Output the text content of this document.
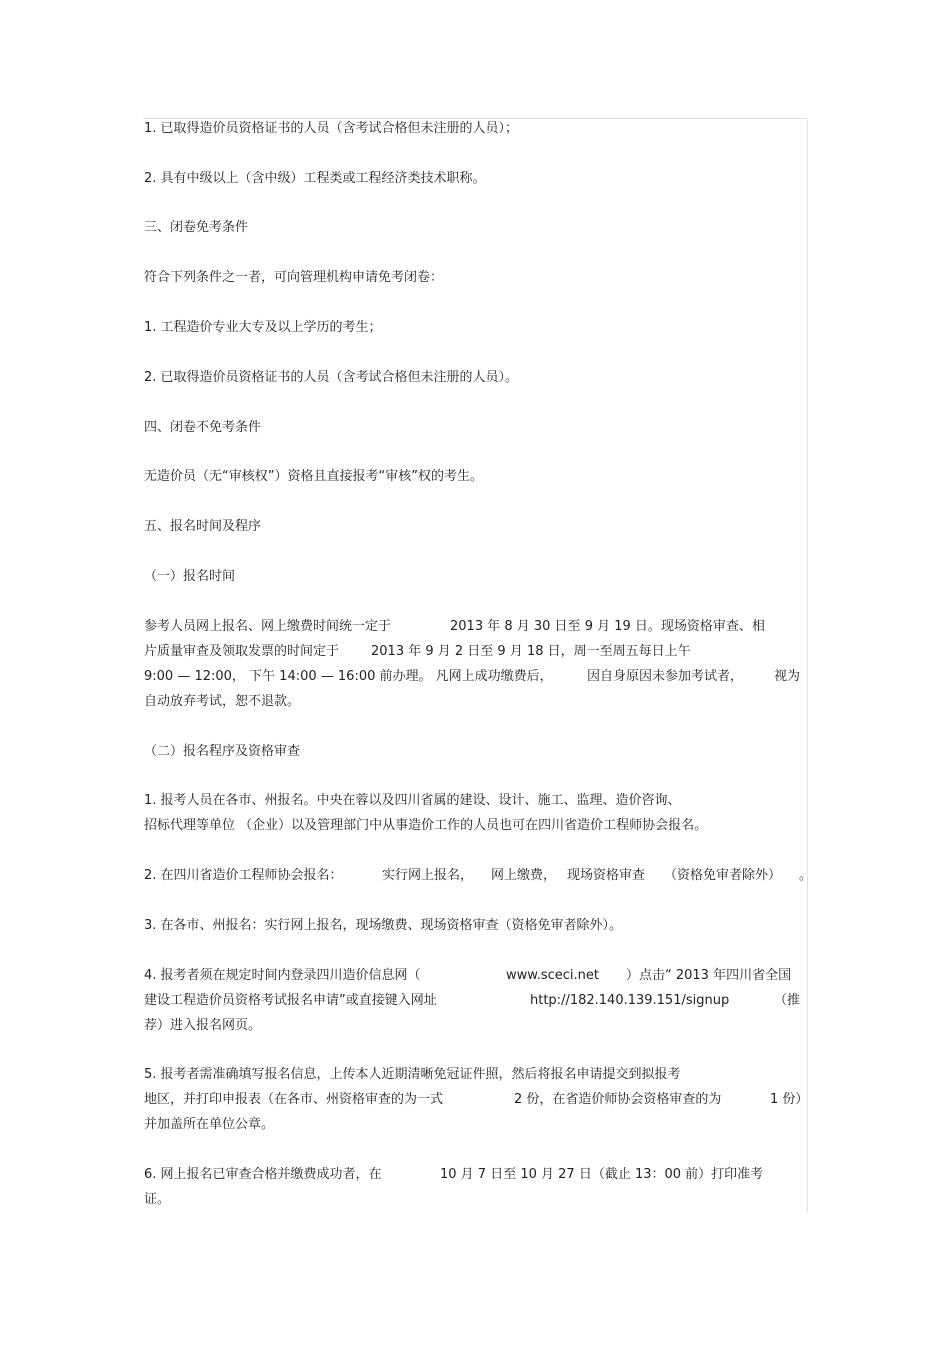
1. 已取得造价员资格证书的人员（含考试合格但未注册的人员）；
2. 具有中级以上（含中级）工程类或工程经济类技术职称。
三、闭卷免考条件
符合下列条件之一者，可向管理机构申请免考闭卷：
1. 工程造价专业大专及以上学历的考生；
2. 已取得造价员资格证书的人员（含考试合格但未注册的人员）。
四、闭卷不免考条件
无造价员（无“审核权”）资格且直接报考“审核”权的考生。
五、报名时间及程序
（一）报名时间
参考人员网上报名、网上缴费时间统一定于	2013 年 8 月 30 日至 9 月 19 日。现场资格审查、相
片质量审查及领取发票的时间定于 2013 年 9 月 2 日至 9 月 18 日，周一至周五每日上午
9:00 — 12:00， 下午 14:00 — 16:00 前办理。 凡网上成功缴费后，	因自身原因未参加考试者， 视为
自动放弃考试，恕不退款。
（二）报名程序及资格审查
1. 报考人员在各市、州报名。中央在蓉以及四川省属的建设、设计、施工、监理、造价咨询、
招标代理等单位 （企业）以及管理部门中从事造价工作的人员也可在四川省造价工程师协会报名。
2. 在四川省造价工程师协会报名：	实行网上报名， 网上缴费， 现场资格审查 （资格免审者除外） 。
3. 在各市、州报名：实行网上报名，现场缴费、现场资格审查（资格免审者除外）。
4. 报考者须在规定时间内登录四川造价信息网（	www.sceci.net ）点击“ 2013 年四川省全国
建设工程造价员资格考试报名申请”或直接键入网址	http://182.140.139.151/signup	（推
荐）进入报名网页。
5. 报考者需准确填写报名信息，上传本人近期清晰免冠证件照，然后将报名申请提交到拟报考
地区，并打印申报表（在各市、州资格审查的为一式	2 份，在省造价师协会资格审查的为	1 份）
并加盖所在单位公章。
6. 网上报名已审查合格并缴费成功者，在	10 月 7 日至 10 月 27 日（截止 13：00 前）打印准考
证。
